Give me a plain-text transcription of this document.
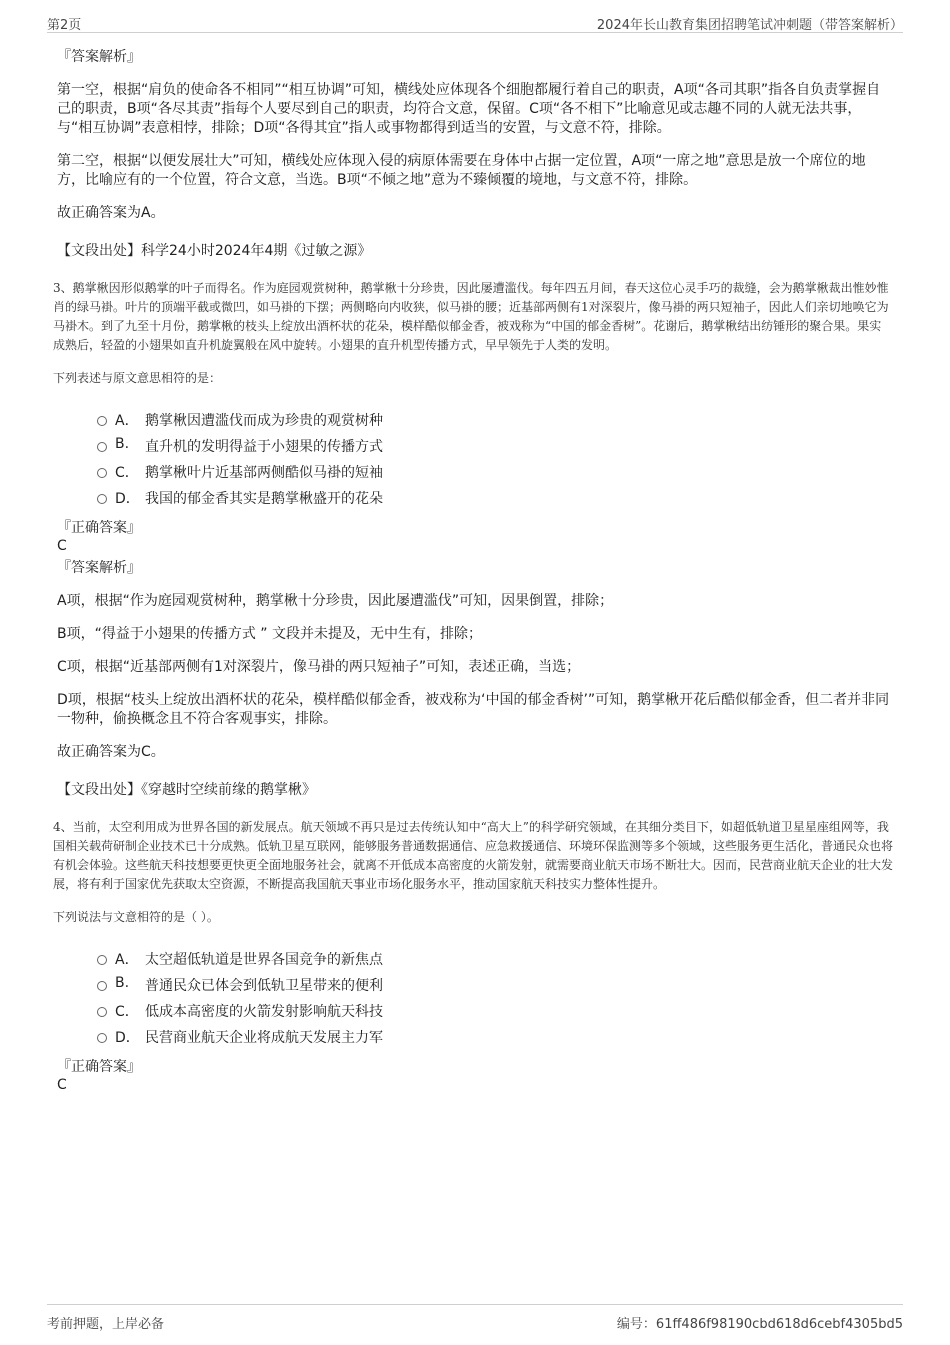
第2页	2024年长山教育集团招聘笔试冲刺题（带答案解析）
『答案解析』

第一空，根据“肩负的使命各不相同”“相互协调”可知，横线处应体现各个细胞都履行着自己的职责，A项“各司其职”指各自负责掌握自己的职责，B项“各尽其责”指每个人要尽到自己的职责，均符合文意，保留。C项“各不相下”比喻意见或志趣不同的人就无法共事，与“相互协调”表意相悖，排除；D项“各得其宜”指人或事物都得到适当的安置，与文意不符，排除。

第二空，根据“以便发展壮大”可知，横线处应体现入侵的病原体需要在身体中占据一定位置，A项“一席之地”意思是放一个席位的地方，比喻应有的一个位置，符合文意，当选。B项“不倾之地”意为不臻倾覆的境地，与文意不符，排除。

故正确答案为A。

【文段出处】科学24小时2024年4期《过敏之源》

3、鹅掌楸因形似鹅掌的叶子而得名。作为庭园观赏树种，鹅掌楸十分珍贵，因此屡遭滥伐。每年四五月间，春天这位心灵手巧的裁缝，会为鹅掌楸裁出惟妙惟肖的绿马褂。叶片的顶端平截或微凹，如马褂的下摆；两侧略向内收狭，似马褂的腰；近基部两侧有1对深裂片，像马褂的两只短袖子，因此人们亲切地唤它为马褂木。到了九至十月份，鹅掌楸的枝头上绽放出酒杯状的花朵，模样酷似郁金香，被戏称为“中国的郁金香树”。花谢后，鹅掌楸结出纺锤形的聚合果。果实成熟后，轻盈的小翅果如直升机旋翼般在风中旋转。小翅果的直升机型传播方式，早早领先于人类的发明。

下列表述与原文意思相符的是：

A． 鹅掌楸因遭滥伐而成为珍贵的观赏树种
B.	直升机的发明得益于小翅果的传播方式
C． 鹅掌楸叶片近基部两侧酷似马褂的短袖
D． 我国的郁金香其实是鹅掌楸盛开的花朵
『正确答案』
C
『答案解析』

A项，根据“作为庭园观赏树种，鹅掌楸十分珍贵，因此屡遭滥伐”可知，因果倒置，排除；

B项，“得益于小翅果的传播方式 ” 文段并未提及，无中生有，排除；

C项，根据“近基部两侧有1对深裂片，像马褂的两只短袖子”可知，表述正确，当选；

D项，根据“枝头上绽放出酒杯状的花朵，模样酷似郁金香，被戏称为‘中国的郁金香树’”可知，鹅掌楸开花后酷似郁金香，但二者并非同一物种，偷换概念且不符合客观事实，排除。

故正确答案为C。

【文段出处】《穿越时空续前缘的鹅掌楸》

4、当前，太空利用成为世界各国的新发展点。航天领域不再只是过去传统认知中“高大上”的科学研究领域，在其细分类目下，如超低轨道卫星星座组网等，我国相关载荷研制企业技术已十分成熟。低轨卫星互联网，能够服务普通数据通信、应急救援通信、环境环保监测等多个领域，这些服务更生活化，普通民众也将有机会体验。这些航天科技想要更快更全面地服务社会，就离不开低成本高密度的火箭发射，就需要商业航天市场不断壮大。因而，民营商业航天企业的壮大发展，将有利于国家优先获取太空资源，不断提高我国航天事业市场化服务水平，推动国家航天科技实力整体性提升。

下列说法与文意相符的是（ ）。

A． 太空超低轨道是世界各国竞争的新焦点
B.	普通民众已体会到低轨卫星带来的便利
C． 低成本高密度的火箭发射影响航天科技
D． 民营商业航天企业将成航天发展主力军
『正确答案』
C
考前押题，上岸必备	编号：61ff486f98190cbd618d6cebf4305bd5
